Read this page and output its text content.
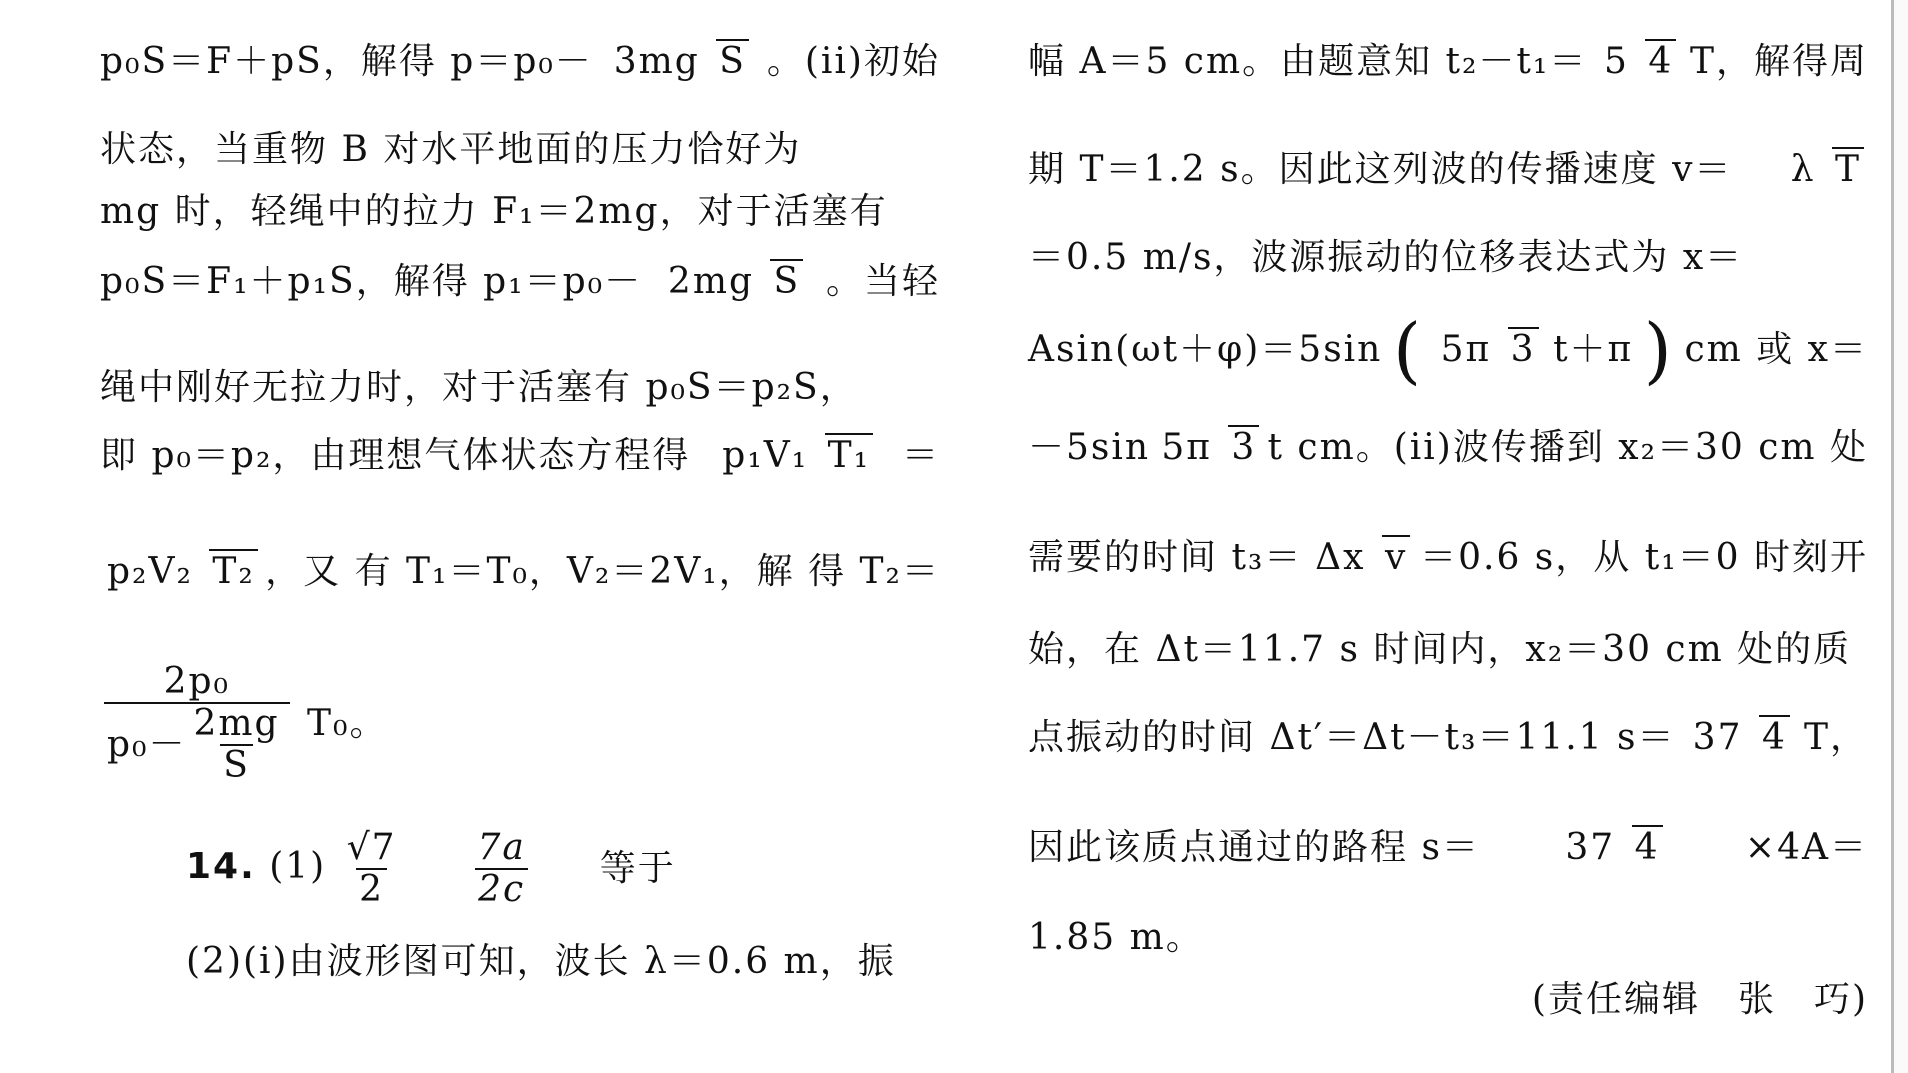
p₀S＝F＋pS，解得 p＝p₀－ 3mg S 。(ii)初始
状态，当重物 B 对水平地面的压力恰好为
mg 时，轻绳中的拉力 F₁＝2mg，对于活塞有
p₀S＝F₁＋p₁S，解得 p₁＝p₀－ 2mg S 。当轻
绳中刚好无拉力时，对于活塞有 p₀S＝p₂S，
即 p₀＝p₂，由理想气体状态方程得 p₁V₁ T₁ ＝
p₂V₂ T₂ ，又 有 T₁＝T₀，V₂＝2V₁，解 得 T₂＝
$\frac{\text{2p₀}}{p_0- \frac{2mg}{S}} T_0$。
14. $(1) \frac{√7}{2}$
$\frac{7a}{2c}$ 等于
(2)(i)由波形图可知，波长 λ＝0.6 m，振
幅 A＝5 cm。由题意知 t₂－t₁＝ 5 4 T，解得周
期 T＝1.2 s。因此这列波的传播速度 v＝ λ T
＝0.5 m/s，波源振动的位移表达式为 x＝
Asin(ωt＋φ)＝5sin ( 5π 3 t＋π ) cm 或 x＝
－5sin 5π 3 t cm。(ii)波传播到 x₂＝30 cm 处
需要的时间 t₃＝ Δx v ＝0.6 s，从 t₁＝0 时刻开
始，在 Δt＝11.7 s 时间内，x₂＝30 cm 处的质
点振动的时间 Δt′＝Δt－t₃＝11.1 s＝ 37 4 T，
因此该质点通过的路程 s＝ 37 4 ×4A＝
1.85 m。
(责任编辑　张　巧)
